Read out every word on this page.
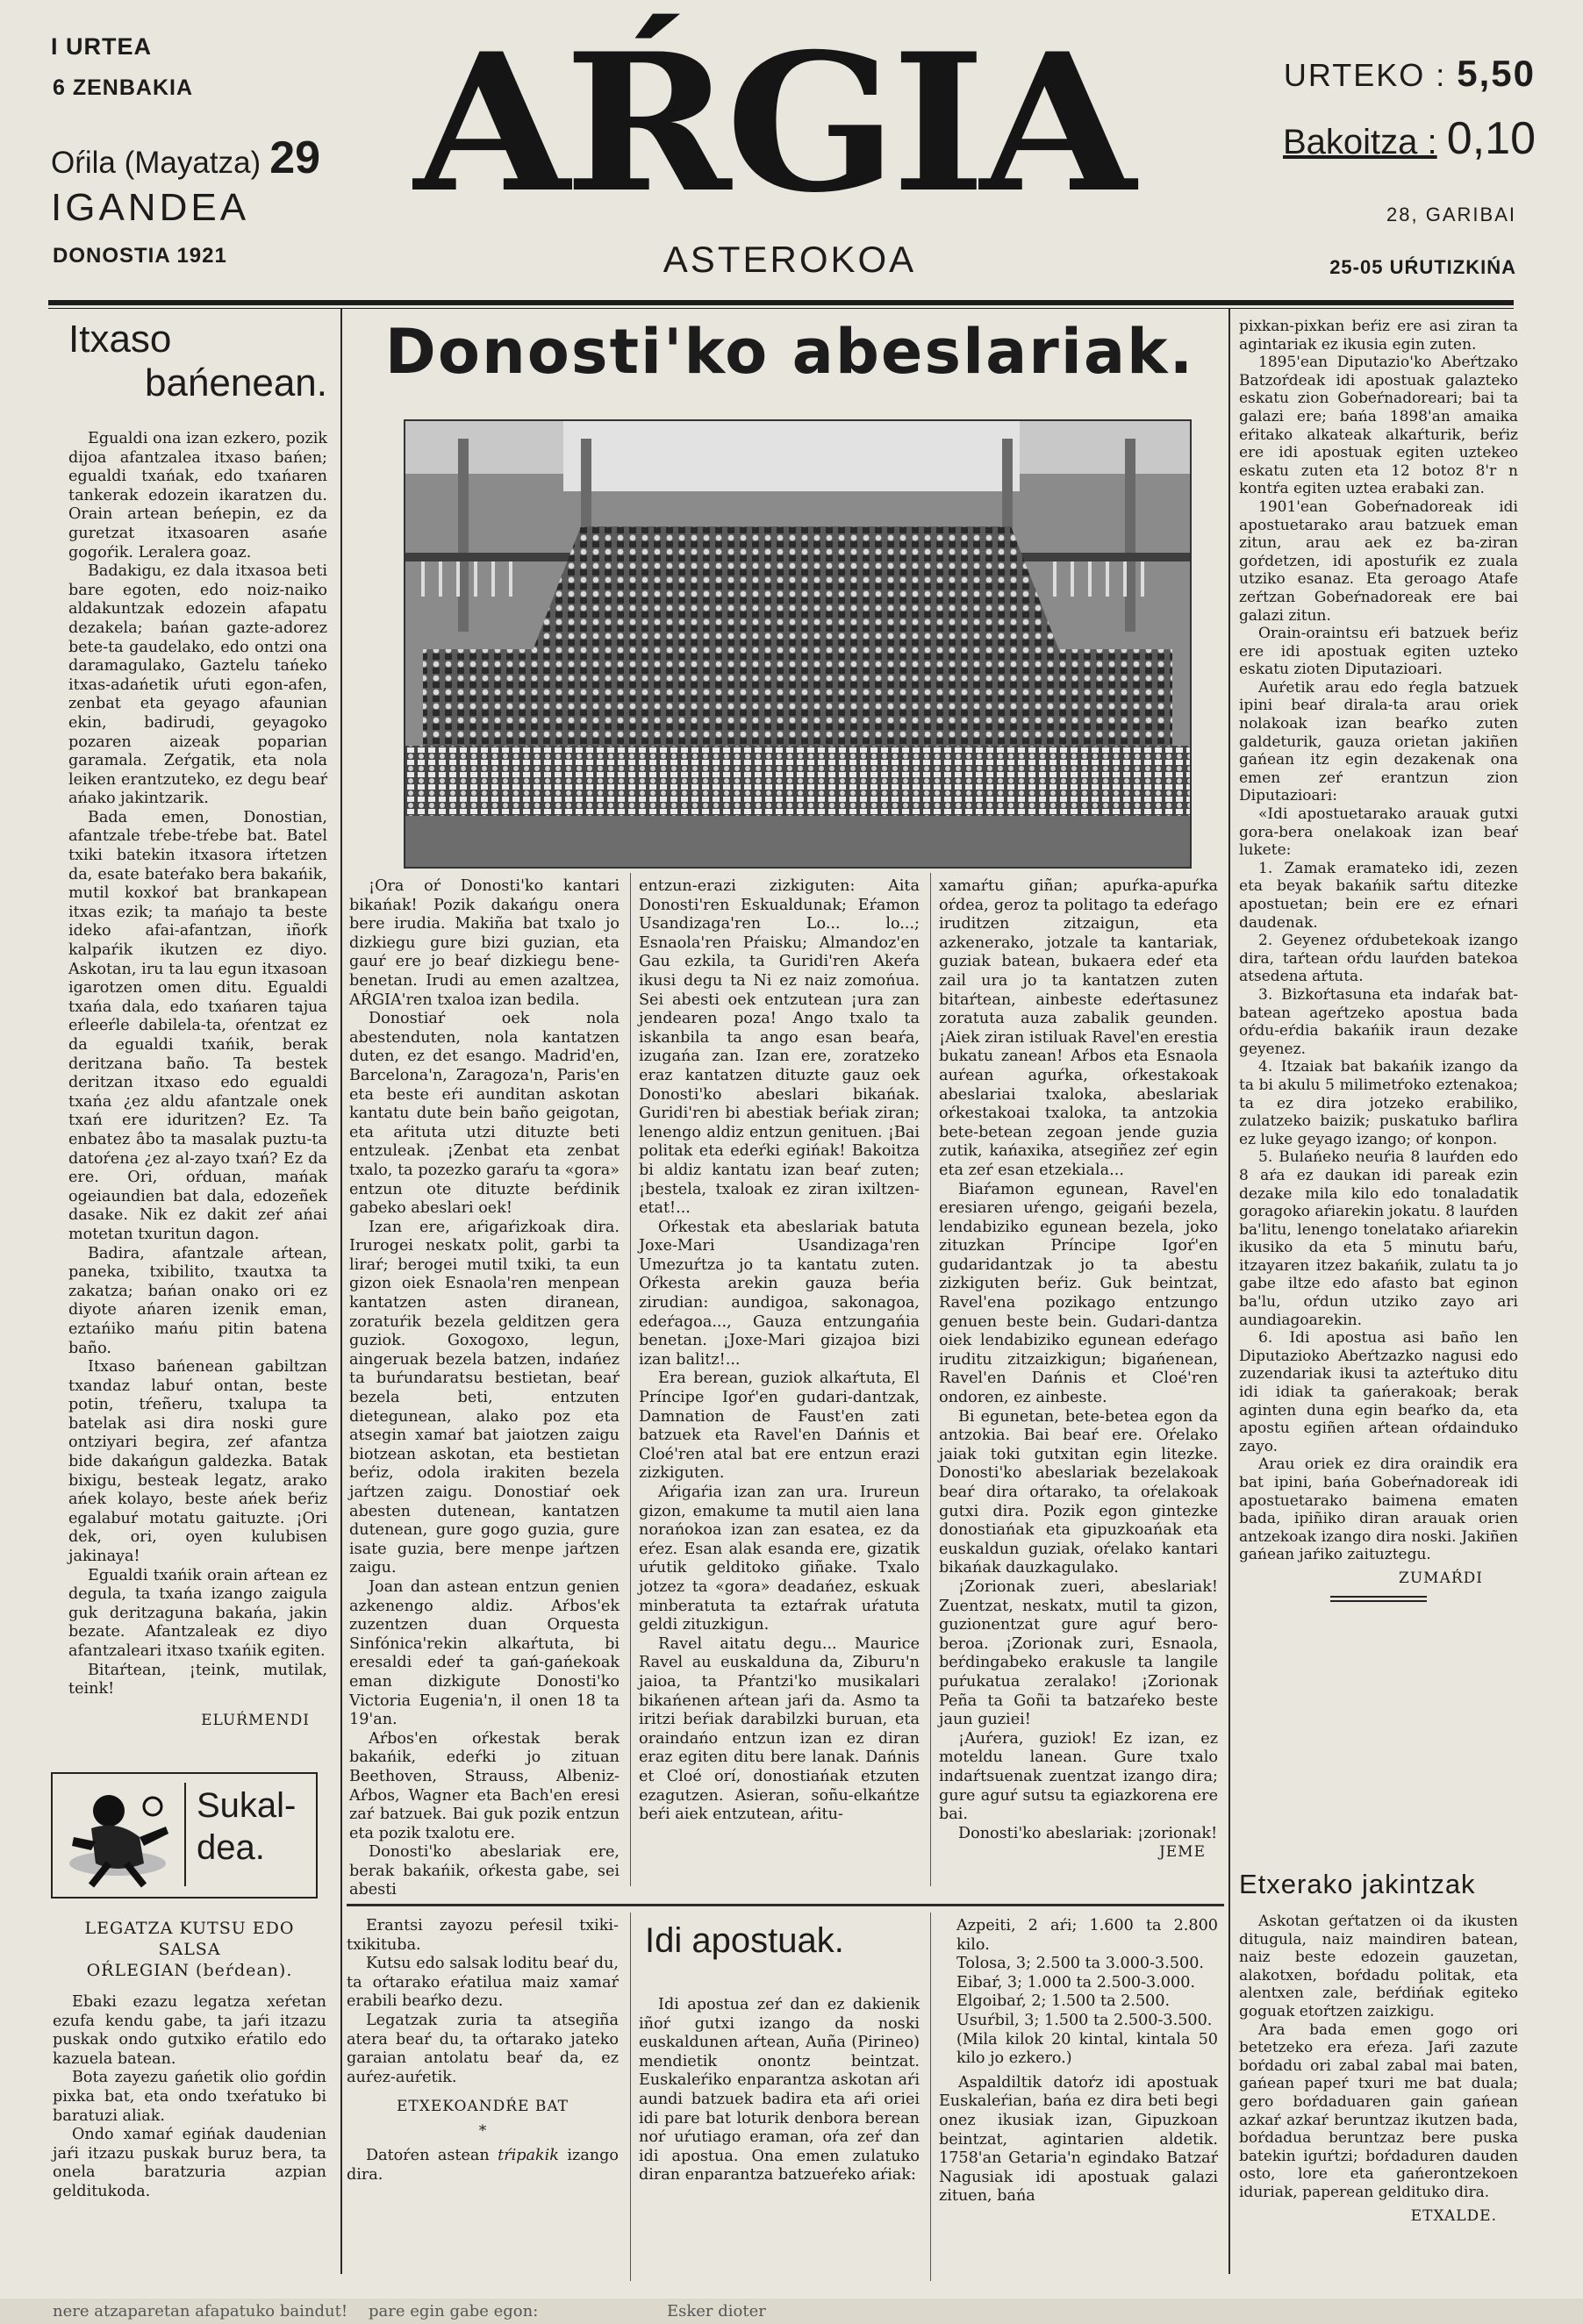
I URTEA
6 ZENBAKIA
Oŕila (Mayatza) 29
IGANDEA
DONOSTIA 1921
AŔGIA
ASTEROKOA
URTEKO : 5,50
Bakoitza : 0,10
28, GARIBAI
25-05 UŔUTIZKIŃA
Itxaso
bańenean.

Egualdi ona izan ezkero, pozik dijoa afantzalea itxaso bańen; egualdi txańak, edo txańaren tankerak edozein ikaratzen du. Orain artean beńepin, ez da guretzat itxasoaren asańe gogoŕik. Leralera goaz.

Badakigu, ez dala itxasoa beti bare egoten, edo noiz-naiko aldakuntzak edozein afapatu dezakela; bańan gazte-adorez bete-ta gaudelako, edo ontzi ona daramagulako, Gaztelu tańeko itxas-adańetik uŕuti egon-afen, zenbat eta geyago afaunian ekin, badirudi, geyagoko pozaren aizeak poparian garamala. Zeŕgatik, eta nola leiken erantzuteko, ez degu beaŕ ańako jakintzarik.

Bada emen, Donostian, afantzale tŕebe-tŕebe bat. Batel txiki batekin itxasora iŕtetzen da, esate bateŕako bera bakańik, mutil koxkoŕ bat brankapean itxas ezik; ta mańajo ta beste ideko afai-afantzan, iñoŕk kalpaŕik ikutzen ez diyo. Askotan, iru ta lau egun itxasoan igarotzen omen ditu. Egualdi txańa dala, edo txańaren tajua eŕleeŕle dabilela-ta, oŕentzat ez da egualdi txańik, berak deritzana baño. Ta bestek deritzan itxaso edo egualdi txańa ¿ez aldu afantzale onek txań ere iduritzen? Ez. Ta enbatez âbo ta masalak puztu-ta datoŕena ¿ez al-zayo txań? Ez da ere. Ori, oŕduan, mańak ogeiaundien bat dala, edozeñek dasake. Nik ez dakit zeŕ ańai motetan txuritun dagon.

Badira, afantzale aŕtean, paneka, txibilito, txautxa ta zakatza; bańan onako ori ez diyote ańaren izenik eman, eztańiko mańu pitin batena baño.

Itxaso bańenean gabiltzan txandaz labuŕ ontan, beste potin, tŕeñeru, txalupa ta batelak asi dira noski gure ontziyari begira, zeŕ afantza bide dakańgun galdezka. Batak bixigu, besteak legatz, arako ańek kolayo, beste ańek beŕiz egalabuŕ motatu gaituzte. ¡Ori dek, ori, oyen kulubisen jakinaya!

Egualdi txańik orain aŕtean ez degula, ta txańa izango zaigula guk deritzaguna bakańa, jakin bezate. Afantzaleak ez diyo afantzaleari itxaso txańik egiten.

Bitaŕtean, ¡teink, mutilak, teink!

ELUŔMENDI
Sukal-
dea.
LEGATZA KUTSU EDO SALSA
OŔLEGIAN (beŕdean).

Ebaki ezazu legatza xeŕetan ezufa kendu gabe, ta jaŕi itzazu puskak ondo gutxiko eŕatilo edo kazuela batean.

Bota zayezu gańetik olio goŕdin pixka bat, eta ondo txeŕatuko bi baratuzi aliak.

Ondo xamaŕ egińak daudenian jaŕi itzazu puskak buruz bera, ta onela baratzuria azpian gelditukoda.

Erantsi zayozu peŕesil txiki-txikituba.

Kutsu edo salsak loditu beaŕ du, ta oŕtarako eŕatilua maiz xamaŕ erabili beaŕko dezu.

Legatzak zuria ta atsegiña atera beaŕ du, ta oŕtarako jateko garaian antolatu beaŕ da, ez auŕez-auŕetik.

ETXEKOANDŔE BAT
*

Datoŕen astean tŕipakik izango dira.

Donosti'ko abeslariak.

¡Ora oŕ Donosti'ko kantari bikańak! Pozik dakańgu onera bere irudia. Makiña bat txalo jo dizkiegu gure bizi guzian, eta gauŕ ere jo beaŕ dizkiegu bene-benetan. Irudi au emen azaltzea, AŔGIA'ren txaloa izan bedila.

Donostiaŕ oek nola abestenduten, nola kantatzen duten, ez det esango. Madrid'en, Barcelona'n, Zaragoza'n, Paris'en eta beste eŕi aunditan askotan kantatu dute bein baño geigotan, eta aŕituta utzi dituzte beti entzuleak. ¡Zenbat eta zenbat txalo, ta pozezko garaŕu ta «gora» entzun ote dituzte beŕdinik gabeko abeslari oek!

Izan ere, aŕigaŕizkoak dira. Irurogei neskatx polit, garbi ta liraŕ; berogei mutil txiki, ta eun gizon oiek Esnaola'ren menpean kantatzen asten diranean, zoratuŕik bezela gelditzen gera guziok. Goxogoxo, legun, aingeruak bezela batzen, indańez ta buŕundaratsu bestietan, beaŕ bezela beti, entzuten dietegunean, alako poz eta atsegin xamaŕ bat jaiotzen zaigu biotzean askotan, eta bestietan beŕiz, odola irakiten bezela jaŕtzen zaigu. Donostiaŕ oek abesten dutenean, kantatzen dutenean, gure gogo guzia, gure isate guzia, bere menpe jaŕtzen zaigu.

Joan dan astean entzun genien azkenengo aldiz. Aŕbos'ek zuzentzen duan Orquesta Sinfónica'rekin alkaŕtuta, bi eresaldi edeŕ ta gań-gańekoak eman dizkigute Donosti'ko Victoria Eugenia'n, il onen 18 ta 19'an.

Aŕbos'en oŕkestak berak bakańik, edeŕki jo zituan Beethoven, Strauss, Albeniz-Aŕbos, Wagner eta Bach'en eresi zaŕ batzuek. Bai guk pozik entzun eta pozik txalotu ere.

Donosti'ko abeslariak ere, berak bakańik, oŕkesta gabe, sei abesti

entzun-erazi zizkiguten: Aita Donosti'ren Eskualdunak; Eŕamon Usandizaga'ren Lo... lo...; Esnaola'ren Pŕaisku; Almandoz'en Gau ezkila, ta Guridi'ren Akeŕa ikusi degu ta Ni ez naiz zomońua. Sei abesti oek entzutean ¡ura zan jendearen poza! Ango txalo ta iskanbila ta ango esan beaŕa, izugańa zan. Izan ere, zoratzeko eraz kantatzen dituzte gauz oek Donosti'ko abeslari bikańak. Guridi'ren bi abestiak beŕiak ziran; lenengo aldiz entzun genituen. ¡Bai politak eta edeŕki egińak! Bakoitza bi aldiz kantatu izan beaŕ zuten; ¡bestela, txaloak ez ziran ixiltzen-etat!...

Oŕkestak eta abeslariak batuta Joxe-Mari Usandizaga'ren Umezuŕtza jo ta kantatu zuten. Oŕkesta arekin gauza beŕia zirudian: aundigoa, sakonagoa, edeŕagoa..., Gauza entzungańia benetan. ¡Joxe-Mari gizajoa bizi izan balitz!...

Era berean, guziok alkaŕtuta, El Príncipe Igoŕ'en gudari-dantzak, Damnation de Faust'en zati batzuek eta Ravel'en Dańnis et Cloé'ren atal bat ere entzun erazi zizkiguten.

Aŕigaŕia izan zan ura. Irureun gizon, emakume ta mutil aien lana norańokoa izan zan esatea, ez da eŕez. Esan alak esanda ere, gizatik uŕutik gelditoko giñake. Txalo jotzez ta «gora» deadańez, eskuak minberatuta ta eztaŕrak uŕatuta geldi zituzkigun.

Ravel aitatu degu... Maurice Ravel au euskalduna da, Ziburu'n jaioa, ta Pŕantzi'ko musikalari bikańenen aŕtean jaŕi da. Asmo ta iritzi beŕiak darabilzki buruan, eta oraindańo entzun izan ez diran eraz egiten ditu bere lanak. Dańnis et Cloé orí, donostiańak etzuten ezagutzen. Asieran, soñu-elkańtze beŕi aiek entzutean, aŕitu-

xamaŕtu giñan; apuŕka-apuŕka oŕdea, geroz ta politago ta edeŕago iruditzen zitzaigun, eta azkenerako, jotzale ta kantariak, guziak batean, bukaera edeŕ eta zail ura jo ta kantatzen zuten bitaŕtean, ainbeste edeŕtasunez zoratuta auza zabalik geunden. ¡Aiek ziran istiluak Ravel'en erestia bukatu zanean! Aŕbos eta Esnaola auŕean aguŕka, oŕkestakoak abeslariai txaloka, abeslariak oŕkestakoai txaloka, ta antzokia bete-betean zegoan jende guzia zutik, kańaxika, atsegiñez zeŕ egin eta zeŕ esan etzekiala...

Biaŕamon egunean, Ravel'en eresiaren uŕengo, geigańi bezela, lendabiziko egunean bezela, joko zituzkan Príncipe Igoŕ'en gudaridantzak jo ta abestu zizkiguten beŕiz. Guk beintzat, Ravel'ena pozikago entzungo genuen beste bein. Gudari-dantza oiek lendabiziko egunean edeŕago iruditu zitzaizkigun; bigańenean, Ravel'en Dańnis et Cloé'ren ondoren, ez ainbeste.

Bi egunetan, bete-betea egon da antzokia. Bai beaŕ ere. Oŕelako jaiak toki gutxitan egin litezke. Donosti'ko abeslariak bezelakoak beaŕ dira oŕtarako, ta oŕelakoak gutxi dira. Pozik egon gintezke donostiańak eta gipuzkoańak eta euskaldun guziak, oŕelako kantari bikańak dauzkagulako.

¡Zorionak zueri, abeslariak! Zuentzat, neskatx, mutil ta gizon, guzionentzat gure aguŕ bero-beroa. ¡Zorionak zuri, Esnaola, beŕdingabeko erakusle ta langile puŕukatua zeralako! ¡Zorionak Peña ta Goñi ta batzaŕeko beste jaun guziei!

¡Auŕera, guziok! Ez izan, ez moteldu lanean. Gure txalo indaŕtsuenak zuentzat izango dira; gure aguŕ sutsu ta egiazkorena ere bai.

Donosti'ko abeslariak: ¡zorionak!

JEME
Idi apostuak.

Idi apostua zeŕ dan ez dakienik iñoŕ gutxi izango da noski euskaldunen aŕtean, Auña (Pirineo) mendietik onontz beintzat. Euskaleŕiko enparantza askotan aŕi aundi batzuek badira eta aŕi oriei idi pare bat loturik denbora berean noŕ uŕutiago eraman, oŕa zeŕ dan idi apostua. Ona emen zulatuko diran enparantza batzueŕeko aŕiak:

Azpeiti, 2 aŕi; 1.600 ta 2.800 kilo.
Tolosa, 3; 2.500 ta 3.000-3.500.
Eibaŕ, 3; 1.000 ta 2.500-3.000.
Elgoibaŕ, 2; 1.500 ta 2.500.
Usuŕbil, 3; 1.500 ta 2.500-3.500.
(Mila kilok 20 kintal, kintala 50 kilo jo ezkero.)

Aspaldiltik datoŕz idi apostuak Euskaleŕian, bańa ez dira beti begi onez ikusiak izan, Gipuzkoan beintzat, agintarien aldetik. 1758'an Getaria'n egindako Batzaŕ Nagusiak idi apostuak galazi zituen, bańa

pixkan-pixkan beŕiz ere asi ziran ta agintariak ez ikusia egin zuten.

1895'ean Diputazio'ko Abeŕtzako Batzoŕdeak idi apostuak galazteko eskatu zion Gobeŕnadoreari; bai ta galazi ere; bańa 1898'an amaika eŕitako alkateak alkaŕturik, beŕiz ere idi apostuak egiten uztekeo eskatu zuten eta 12 botoz 8'r n kontŕa egiten uztea erabaki zan.

1901'ean Gobeŕnadoreak idi apostuetarako arau batzuek eman zitun, arau aek ez ba-ziran goŕdetzen, idi apostuŕik ez zuala utziko esanaz. Eta geroago Atafe zeŕtzan Gobeŕnadoreak ere bai galazi zitun.

Orain-oraintsu eŕi batzuek beŕiz ere idi apostuak egiten uzteko eskatu zioten Diputazioari.

Auŕetik arau edo ŕegla batzuek ipini beaŕ dirala-ta arau oriek nolakoak izan beaŕko zuten galdeturik, gauza orietan jakiñen gańean itz egin dezakenak ona emen zeŕ erantzun zion Diputazioari:

«Idi apostuetarako arauak gutxi gora-bera onelakoak izan beaŕ lukete:

1. Zamak eramateko idi, zezen eta beyak bakańik saŕtu ditezke apostuetan; bein ere ez eŕnari daudenak.

2. Geyenez oŕdubetekoak izango dira, taŕtean oŕdu lauŕden batekoa atsedena aŕtuta.

3. Bizkoŕtasuna eta indaŕak bat-batean ageŕtzeko apostua bada oŕdu-eŕdia bakańik iraun dezake geyenez.

4. Itzaiak bat bakańik izango da ta bi akulu 5 milimetŕoko eztenakoa; ta ez dira jotzeko erabiliko, zulatzeko baizik; puskatuko baŕlira ez luke geyago izango; oŕ konpon.

5. Bulańeko neuŕia 8 lauŕden edo 8 aŕa ez daukan idi pareak ezin dezake mila kilo edo tonaladatik goragoko aŕiarekin jokatu. 8 lauŕden ba'litu, lenengo tonelatako aŕiarekin ikusiko da eta 5 minutu baŕu, itzayaren itzez bakańik, zulatu ta jo gabe iltze edo afasto bat eginon ba'lu, oŕdun utziko zayo ari aundiagoarekin.

6. Idi apostua asi baño len Diputazioko Abeŕtzazko nagusi edo zuzendariak ikusi ta azteŕtuko ditu idi idiak ta gańerakoak; berak aginten duna egin beaŕko da, eta apostu egiñen aŕtean oŕdainduko zayo.

Arau oriek ez dira oraindik era bat ipini, bańa Gobeŕnadoreak idi apostuetarako baimena ematen bada, ipiñiko diran arauak orien antzekoak izango dira noski. Jakiñen gańean jaŕiko zaituztegu.

ZUMAŔDI
Etxerako jakintzak

Askotan geŕtatzen oi da ikusten ditugula, naiz maindiren batean, naiz beste edozein gauzetan, alakotxen, boŕdadu politak, eta alentxen zale, beŕdińak egiteko goguak etoŕtzen zaizkigu.

Ara bada emen gogo ori betetzeko era eŕeza. Jaŕi zazute boŕdadu ori zabal zabal mai baten, gańean papeŕ txuri me bat duala; gero boŕdaduaren gain gańean azkaŕ azkaŕ beruntzaz ikutzen bada, boŕdadua beruntzaz bere puska batekin iguŕtzi; boŕdaduren dauden osto, lore eta gańerontzekoen iduriak, paperean geldituko dira.

ETXALDE.
nere atzaparetan afapatuko baindut! pare egin gabe egon:	Esker dioter
